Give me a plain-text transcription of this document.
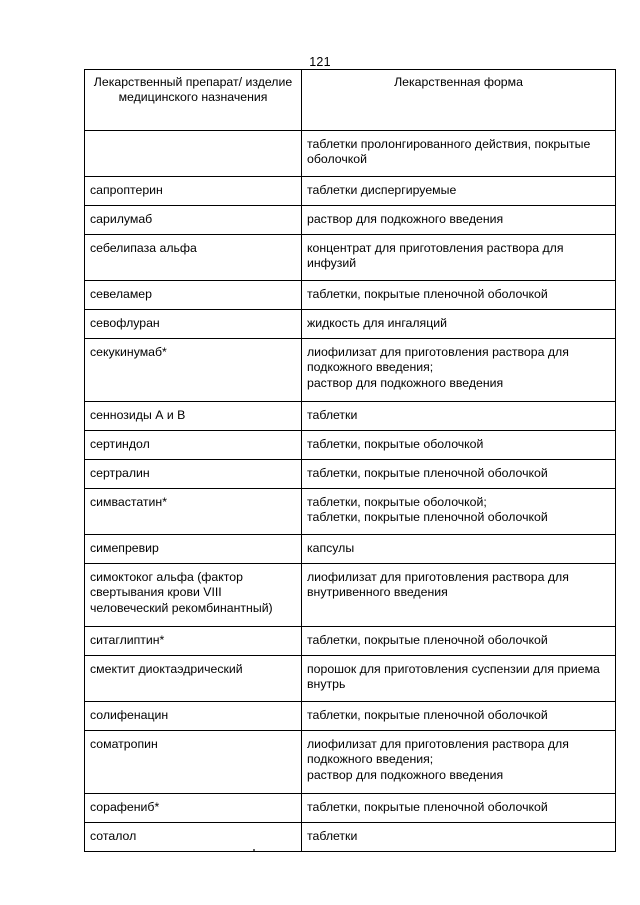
121
Лекарственный препарат/ изделие медицинского назначения	Лекарственная форма
	таблетки пролонгированного действия, покрытые оболочкой
сапроптерин	таблетки диспергируемые
сарилумаб	раствор для подкожного введения
себелипаза альфа	концентрат для приготовления раствора для инфузий
севеламер	таблетки, покрытые пленочной оболочкой
севофлуран	жидкость для ингаляций
секукинумаб*	лиофилизат для приготовления раствора для подкожного введения;
раствор для подкожного введения
сеннозиды А и В	таблетки
сертиндол	таблетки, покрытые оболочкой
сертралин	таблетки, покрытые пленочной оболочкой
симвастатин*	таблетки, покрытые оболочкой;
таблетки, покрытые пленочной оболочкой
симепревир	капсулы
симоктоког альфа (фактор свертывания крови VIII человеческий рекомбинантный)	лиофилизат для приготовления раствора для внутривенного введения
ситаглиптин*	таблетки, покрытые пленочной оболочкой
смектит диоктаэдрический	порошок для приготовления суспензии для приема внутрь
солифенацин	таблетки, покрытые пленочной оболочкой
соматропин	лиофилизат для приготовления раствора для подкожного введения;
раствор для подкожного введения
сорафениб*	таблетки, покрытые пленочной оболочкой
соталол	таблетки
